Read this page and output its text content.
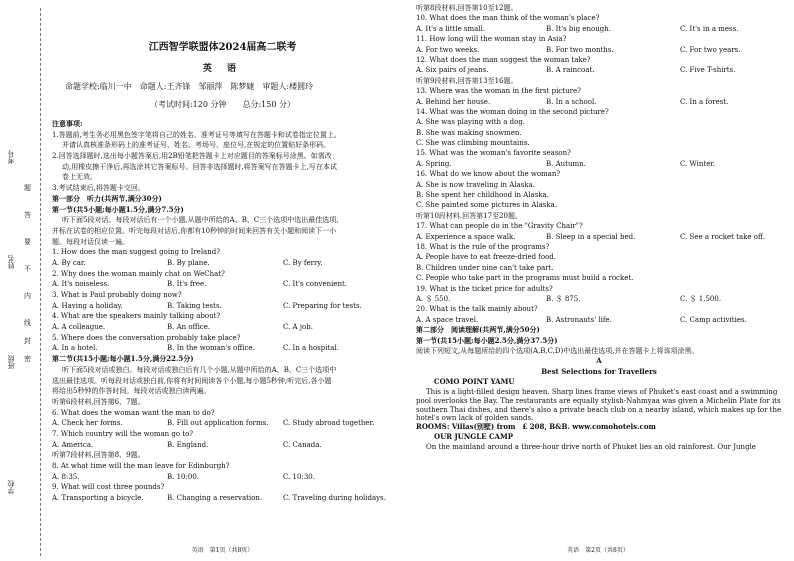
考号
姓名
班级
学校
题
答
要
不
内
线
封
密
江西智学联盟体2024届高二联考
英 语
命题学校:临川一中　命题人:王齐锋　邹丽萍　陈梦婕　审题人:楼圆玲
（考试时间:120 分钟　　总分:150 分）
注意事项:
1.答题前,考生务必用黑色签字笔将自己的姓名、准考证号等填写在答题卡和试卷指定位置上。
并请认真核准条形码上的准考证号、姓名、考场号、座位号,在规定的位置贴好条形码。
2.回答选择题时,选出每小题答案后,用2B铅笔把答题卡上对应题目的答案标号涂黑。如需改
动,用橡皮擦干净后,再选涂其它答案标号。回答非选择题时,将答案写在答题卡上,写在本试
卷上无效。
3.考试结束后,将答题卡交回。
第一部分　听力(共两节,满分30分)
第一节(共5小题;每小题1.5分,满分7.5分)
听下面5段对话。每段对话后有一个小题,从题中所给的A、B、C三个选项中选出最佳选项,
并标在试卷的相应位置。听完每段对话后,你都有10秒钟的时间来回答有关小题和阅读下一小
题。每段对话仅读一遍。
1. How does the man suggest going to Ireland?
A. By car.	B. By plane.	C. By ferry.
2. Why does the woman mainly chat on WeChat?
A. It's noiseless.	B. It's free.	C. It's convenient.
3. What is Paul probably doing now?
A. Having a holiday.	B. Taking tests.	C. Preparing for tests.
4. What are the speakers mainly talking about?
A. A colleague.	B. An office.	C. A job.
5. Where does the conversation probably take place?
A. In a hotel.	B. In the woman's office.	C. In a hospital.
第二节(共15小题;每小题1.5分,满分22.5分)
听下面5段对话或独白。每段对话或独白后有几个小题,从题中所给的A、B、C三个选项中
选出最佳选项。听每段对话或独白前,你将有时间阅读各个小题,每小题5秒钟;听完后,各小题
将给出5秒钟的作答时间。每段对话或独白读两遍。
听第6段材料,回答第6、7题。
6. What does the woman want the man to do?
A. Check her forms.	B. Fill out application forms.	C. Study abroad together.
7. Which country will the woman go to?
A. America.	B. England.	C. Canada.
听第7段材料,回答第8、9题。
8. At what time will the man leave for Edinburgh?
A. 8:35.	B. 10:00.	C. 10:30.
9. What will cost three pounds?
A. Transporting a bicycle.	B. Changing a reservation.	C. Traveling during holidays.
英语　第1页（共8页）
听第8段材料,回答第10至12题。
10. What does the man think of the woman's place?
A. It's a little small.	B. It's big enough.	C. It's in a mess.
11. How long will the woman stay in Asia?
A. For two weeks.	B. For two months.	C. For two years.
12. What does the man suggest the woman take?
A. Six pairs of jeans.	B. A raincoat.	C. Five T-shirts.
听第9段材料,回答第13至16题。
13. Where was the woman in the first picture?
A. Behind her house.	B. In a school.	C. In a forest.
14. What was the woman doing in the second picture?
A. She was playing with a dog.
B. She was making snowmen.
C. She was climbing mountains.
15. What was the woman's favorite season?
A. Spring.	B. Autumn.	C. Winter.
16. What do we know about the woman?
A. She is now traveling in Alaska.
B. She spent her childhood in Alaska.
C. She painted some pictures in Alaska.
听第10段材料,回答第17至20题。
17. What can people do in the "Gravity Chair"?
A. Experience a space walk.	B. Sleep in a special bed.	C. See a rocket take off.
18. What is the rule of the programs?
A. People have to eat freeze-dried food.
B. Children under nine can't take part.
C. People who take part in the programs must build a rocket.
19. What is the ticket price for adults?
A. ＄ 550.	B. ＄ 875.	C. ＄ 1,500.
20. What is the talk mainly about?
A. A space travel.	B. Astronauts' life.	C. Camp activities.
第二部分　阅读理解(共两节,满分50分)
第一节(共15小题;每小题2.5分,满分37.5分)
阅读下列短文,从每题所给的四个选项(A,B,C,D)中选出最佳选项,并在答题卡上将该项涂黑。
A
Best Selections for Travellers
COMO POINT YAMU
This is a light-filled design heaven. Sharp lines frame views of Phuket's east coast and a swimming pool overlooks the Bay. The restaurants are equally stylish-Nahmyaa was given a Michelin Plate for its southern Thai dishes, and there's also a private beach club on a nearby island, which makes up for the hotel's own lack of golden sands.
ROOMS: Villas(别墅) from　£ 208, B&B. www.comohotels.com
OUR JUNGLE CAMP
On the mainland around a three-hour drive north of Phuket lies an old rainforest. Our Jungle
英语　第2页（共8页）
